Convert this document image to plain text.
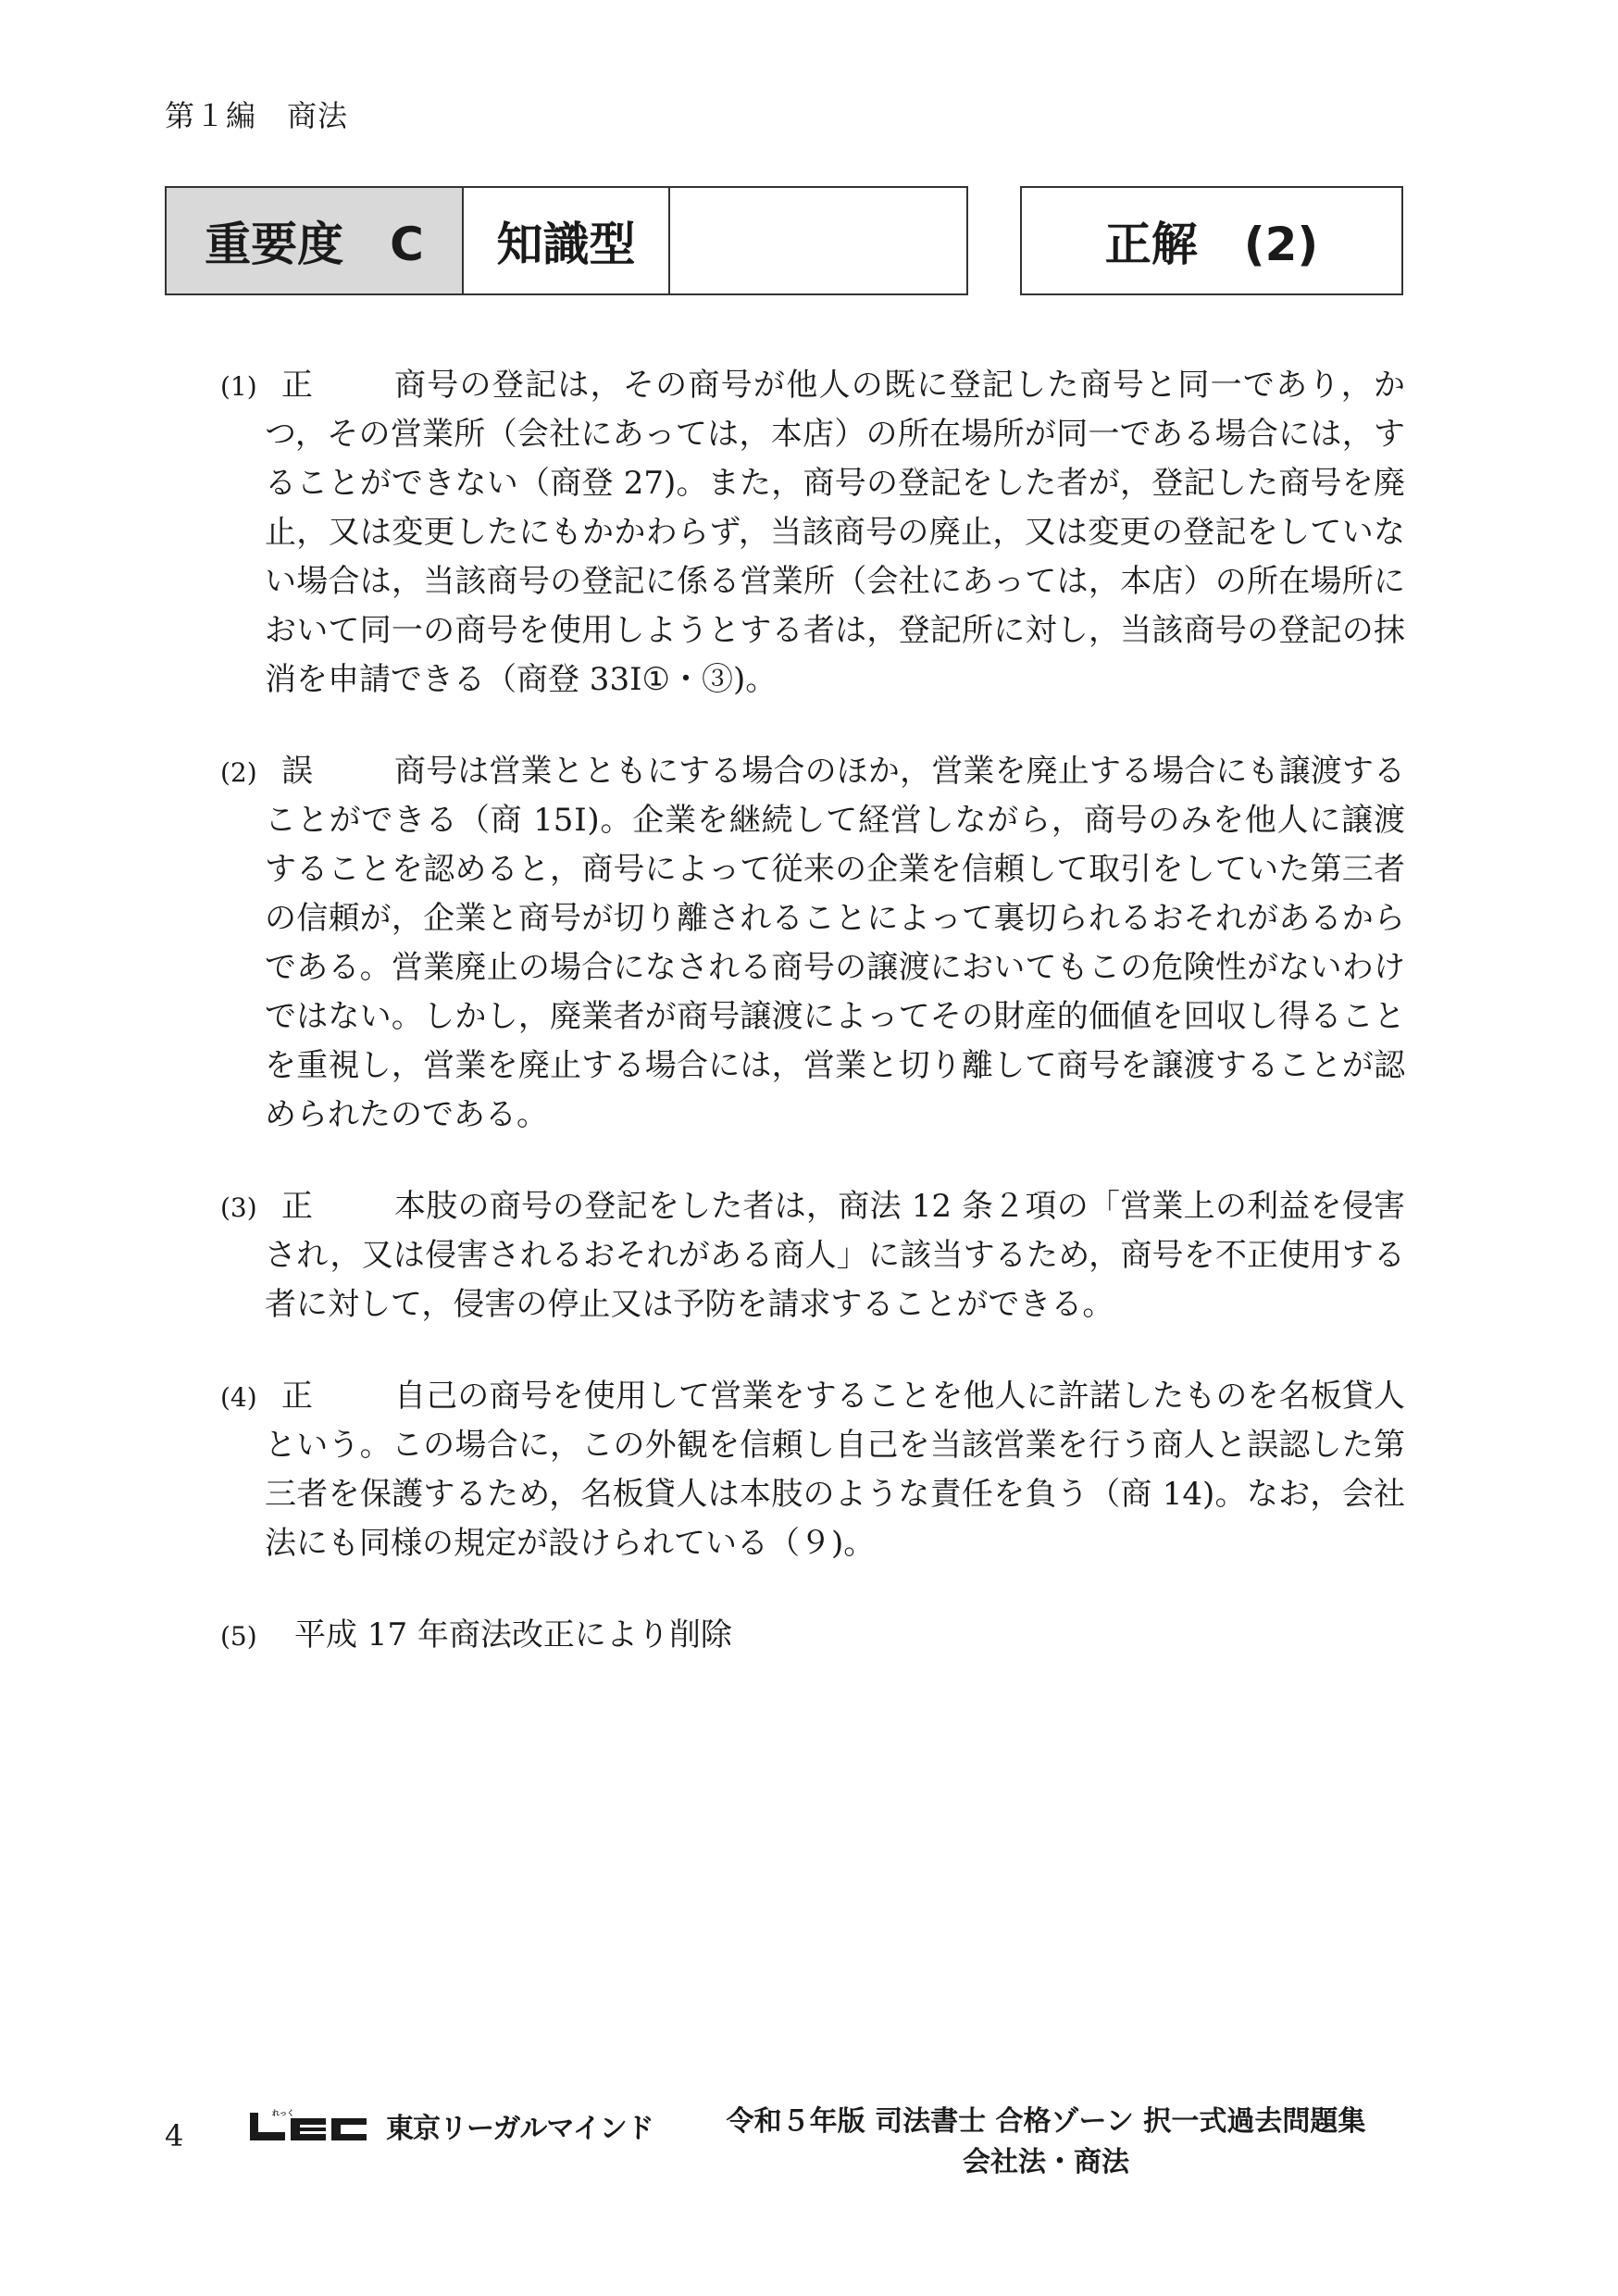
第１編　商法
重要度　C	知識型	正解　(2)
(1) 正	商号の登記は，その商号が他人の既に登記した商号と同一であり，かつ，その営業所（会社にあっては，本店）の所在場所が同一である場合には，することができない（商登 27)。また，商号の登記をした者が，登記した商号を廃止，又は変更したにもかかわらず，当該商号の廃止，又は変更の登記をしていない場合は，当該商号の登記に係る営業所（会社にあっては，本店）の所在場所において同一の商号を使用しようとする者は，登記所に対し，当該商号の登記の抹消を申請できる（商登 33Ⅰ①・③)。
(2) 誤	商号は営業とともにする場合のほか，営業を廃止する場合にも譲渡することができる（商 15Ⅰ)。企業を継続して経営しながら，商号のみを他人に譲渡することを認めると，商号によって従来の企業を信頼して取引をしていた第三者の信頼が，企業と商号が切り離されることによって裏切られるおそれがあるからである。営業廃止の場合になされる商号の譲渡においてもこの危険性がないわけではない。しかし，廃業者が商号譲渡によってその財産的価値を回収し得ることを重視し，営業を廃止する場合には，営業と切り離して商号を譲渡することが認められたのである。
(3) 正	本肢の商号の登記をした者は，商法 12 条２項の「営業上の利益を侵害され，又は侵害されるおそれがある商人」に該当するため，商号を不正使用する者に対して，侵害の停止又は予防を請求することができる。
(4) 正	自己の商号を使用して営業をすることを他人に許諾したものを名板貸人という。この場合に，この外観を信頼し自己を当該営業を行う商人と誤認した第三者を保護するため，名板貸人は本肢のような責任を負う（商 14)。なお，会社法にも同様の規定が設けられている（９)。
(5)	平成 17 年商法改正により削除
4
れっく	東京リーガルマインド	令和５年版 司法書士 合格ゾーン 択一式過去問題集
会社法・商法
